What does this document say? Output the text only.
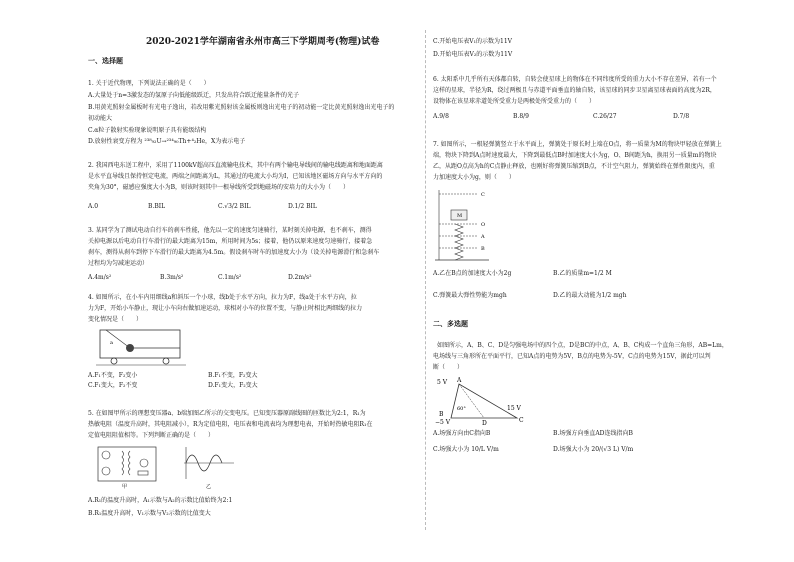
2020-2021学年湖南省永州市高三下学期周考(物理)试卷
一、选择题
1. 关于近代物理，下列说法正确的是（　　）
A.大量处于n=3激发态的氢原子向低能级跃迁，只发出符合跃迁能量条件的光子
B.用黄光照射金属板时有光电子逸出，若改用紫光照射该金属板则逸出光电子的初动能一定比黄光照射逸出光电子的
初动能大
C.α粒子散射实验现象说明原子具有能级结构
D.放射性衰变方程为 ²³⁸₉₂U→²³⁴₉₀Th+⁴₂He，X为表示电子
2. 我国西电东送工程中，采用了1100kV超高压直流输电技术，其中有两个输电导线间的输电线距离和地面距离
是水平直导线且保持恒定电流，两端之间距离为L，其通过的电流大小均为I，已知该地区磁场方向与水平方向的
夹角为30°，磁感应强度大小为B，则该时刻其中一根导线所受到地磁场的安培力的大小为（　　）
A.0	B.BIL	C.√3/2 BIL	D.1/2 BIL
3. 某同学为了测试电动自行车的刹车性能，他先以一定的速度匀速骑行，某时刻关掉电源，也不刹车，测得
关掉电源以后电动自行车滑行的最大距离为15m，所用时间为5s；接着，他仍以原来速度匀速骑行，接着急
刹车，测得从刹车到停下车滑行的最大距离为4.5m。假设刹车时车的加速度大小为（设关掉电源滑行和急刹车
过程均为匀减速运动）
A.4m/s²	B.3m/s²	C.1m/s²	D.2m/s²
4. 如图所示，在小车内用细线a和斜压一个小球，线b处于水平方向，拉力为F，线a处于水平方向，拉
力为F，开始小车静止，现让小车向右做加速运动，球相对小车的位置不变，与静止时相比两细线的拉力
变化情况是（　　）
a
A.F₁不变，F₂变小	B.F₁不变，F₂变大
C.F₁变大，F₂不变	D.F₁变大，F₂变大
5. 在如图甲所示的理想变压器a、b端加图乙所示的交变电压。已知变压器原副线圈的匝数比为2:1，R₁为
热敏电阻（温度升高时，其电阻减小），R为定值电阻，电压表和电流表均为理想电表，开始时热敏电阻R₁在
定值电阻阻值相等。下列判断正确的是（　　）
甲	乙
A.R₁的温度升高时，A₁示数与A₂的示数比值始终为2:1
B.R₁温度升高时，V₁示数与V₂示数的比值变大
C.开始电压表V₁的示数为11V
D.开始电压表V₂的示数为11V
6. 太阳系中几乎所有天体都自转，自转会使星球上的物体在不同纬度所受的重力大小不存在差异，若有一个
这样的星球，半径为R，绕过两极且与赤道平面垂直的轴自转，该星球的同步卫星离星球表面的高度为2R，
设物体在该星球赤道处所受重力是两极处所受重力的（　　）
A.9/8	B.8/9	C.26/27	D.7/8
7. 如图所示，一根轻弹簧竖立于水平面上，弹簧处于原长时上端在O点，将一质量为M的物块甲轻放在弹簧上
端，物块下降到A点时速度最大，下降到最低点B时加速度大小为g，O、B间距为h，换用另一质量m的物块
乙，从距O点高为h的C点静止释放，也刚好将弹簧压缩到B点，不计空气阻力，弹簧始终在弹性限度内，重
力加速度大小为g，则（　　）
M
C
O
A
B
A.乙在B点的加速度大小为2g	B.乙的质量m=1/2 M
C.弹簧最大弹性势能为mgh	D.乙的最大动能为1/2 mgh
二、多选题
如图所示，A、B、C、D是匀强电场中的四个点，D是BC的中点，A、B、C构成一个直角三角形，AB=Lm，
电场线与三角形所在平面平行，已知A点的电势为5V，B点的电势为-5V，C点的电势为15V，据此可以判
断（　　）
5 V A
B
−5 V	C
15 V
D
60°
A.场强方向由C指向B	B.场强方向垂直AD连线指向B
C.场强大小为 10/L V/m	D.场强大小为 20/(√3 L) V/m
